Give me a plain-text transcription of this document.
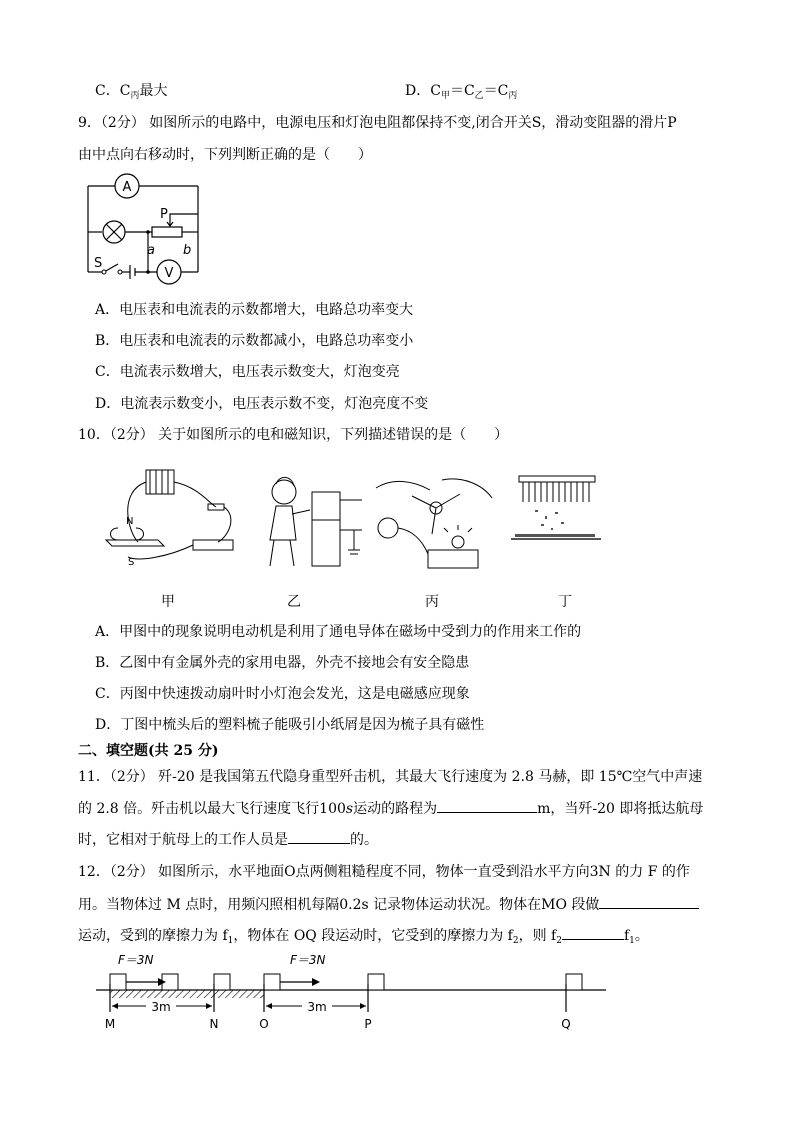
C．$C_丙$最大	D．$C_甲=C_乙=C_丙$
9．（2分） 如图所示的电路中，电源电压和灯泡电阻都保持不变,闭合开关S，滑动变阻器的滑片P
由中点向右移动时，下列判断正确的是（　　）
A
V
P
a b
S
A．电压表和电流表的示数都增大，电路总功率变大
B．电压表和电流表的示数都减小，电路总功率变小
C．电流表示数增大，电压表示数变大，灯泡变亮
D．电流表示数变小，电压表示数不变，灯泡亮度不变
10．（2分） 关于如图所示的电和磁知识，下列描述错误的是（　　）
N
S
甲	乙	丙	丁
A．甲图中的现象说明电动机是利用了通电导体在磁场中受到力的作用来工作的
B．乙图中有金属外壳的家用电器，外壳不接地会有安全隐患
C．丙图中快速拨动扇叶时小灯泡会发光，这是电磁感应现象
D．丁图中梳头后的塑料梳子能吸引小纸屑是因为梳子具有磁性
二、填空题(共 25 分)
11．（2分） 歼-20 是我国第五代隐身重型歼击机，其最大飞行速度为 2.8 马赫，即 15℃空气中声速
的 2.8 倍。歼击机以最大飞行速度飞行100s运动的路程为	m，当歼-20 即将抵达航母
时，它相对于航母上的工作人员是	的。
12．（2分） 如图所示，水平地面O点两侧粗糙程度不同，物体一直受到沿水平方向3N 的力 F 的作
用。当物体过 M 点时，用频闪照相机每隔0.2s 记录物体运动状况。物体在MO 段做
运动，受到的摩擦力为 $f_1$，物体在 OQ 段运动时，它受到的摩擦力为 $f_2$，则 $f_2$	$f_1$。
F＝3N	F＝3N
3m	3m
M	N	O	P	Q
